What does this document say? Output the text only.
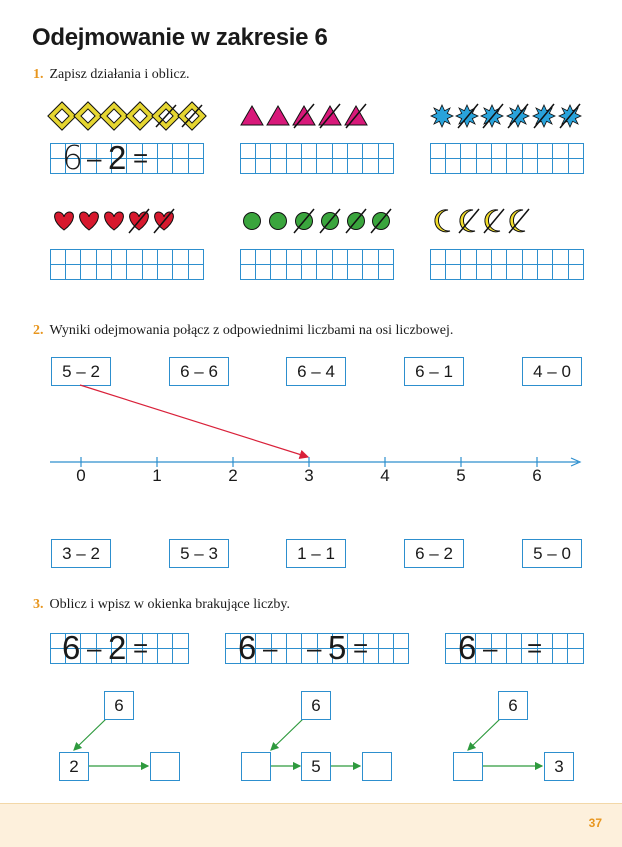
Odejmowanie w zakresie 6
1. Zapisz działania i oblicz.
6 – 2 =
2. Wyniki odejmowania połącz z odpowiednimi liczbami na osi liczbowej.
5 – 2	6 – 6	6 – 4	6 – 1	4 – 0
0	1	2	3	4	5	6
3 – 2	5 – 3	1 – 1	6 – 2	5 – 0
3. Oblicz i wpisz w okienka brakujące liczby.
6 – 2 =	6 – – 5 =	6 – =
6
2
6
5
6
3
37
